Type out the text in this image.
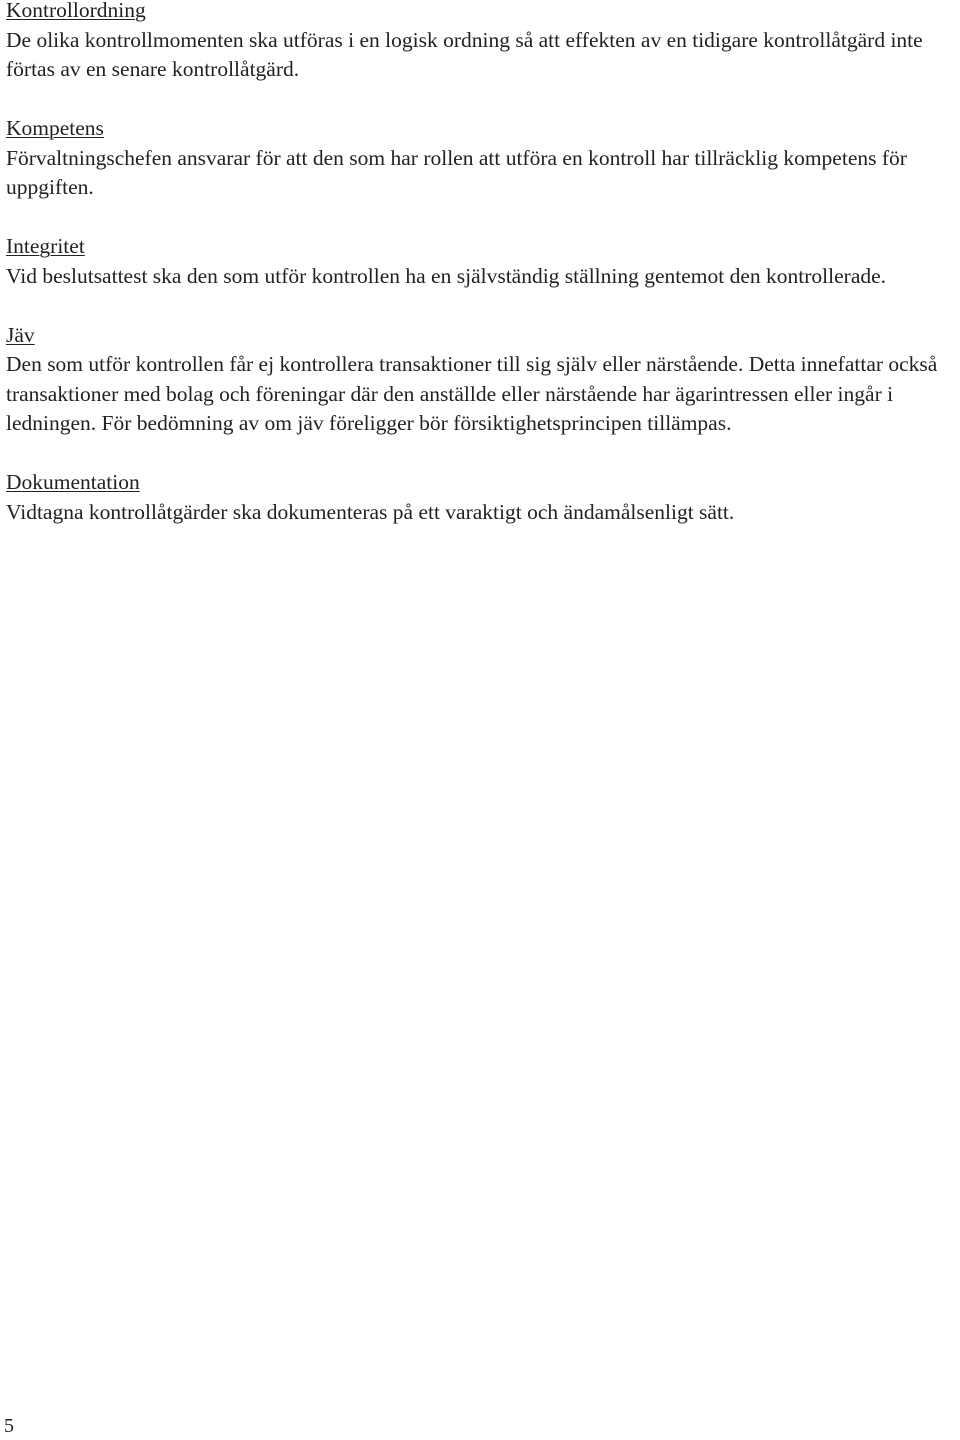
Kontrollordning

De olika kontrollmomenten ska utföras i en logisk ordning så att effekten av en tidigare kontrollåtgärd inte förtas av en senare kontrollåtgärd.

Kompetens

Förvaltningschefen ansvarar för att den som har rollen att utföra en kontroll har tillräcklig kompetens för uppgiften.

Integritet

Vid beslutsattest ska den som utför kontrollen ha en självständig ställning gentemot den kontrollerade.

Jäv

Den som utför kontrollen får ej kontrollera transaktioner till sig själv eller närstående. Detta innefattar också transaktioner med bolag och föreningar där den anställde eller närstående har ägarintressen eller ingår i ledningen. För bedömning av om jäv föreligger bör försiktighetsprincipen tillämpas.

Dokumentation

Vidtagna kontrollåtgärder ska dokumenteras på ett varaktigt och ändamålsenligt sätt.

5
